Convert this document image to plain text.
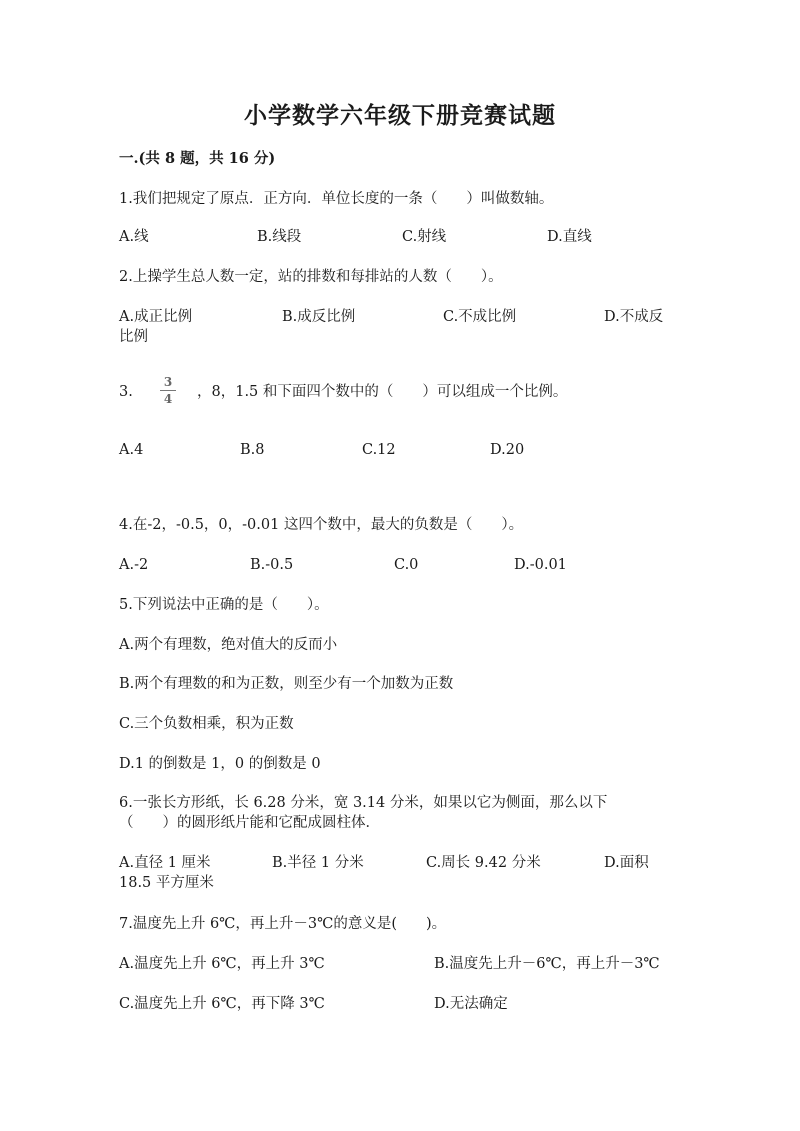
小学数学六年级下册竞赛试题
一.(共 8 题，共 16 分)
1.我们把规定了原点．正方向．单位长度的一条（　　）叫做数轴。
A.线	B.线段	C.射线	D.直线
2.上操学生总人数一定，站的排数和每排站的人数（　　）。
A.成正比例	B.成反比例	C.不成比例	D.不成反
比例
3.
3
4 ，8，1.5 和下面四个数中的（　　）可以组成一个比例。
A.4	B.8	C.12	D.20
4.在-2，-0.5，0，-0.01 这四个数中，最大的负数是（　　）。
A.-2	B.-0.5	C.0	D.-0.01
5.下列说法中正确的是（　　）。
A.两个有理数，绝对值大的反而小
B.两个有理数的和为正数，则至少有一个加数为正数
C.三个负数相乘，积为正数
D.1 的倒数是 1，0 的倒数是 0
6.一张长方形纸，长 6.28 分米，宽 3.14 分米，如果以它为侧面，那么以下
（　　）的圆形纸片能和它配成圆柱体．
A.直径 1 厘米	B.半径 1 分米	C.周长 9.42 分米	D.面积
18.5 平方厘米
7.温度先上升 6℃，再上升－3℃的意义是(　　)。
A.温度先上升 6℃，再上升 3℃	B.温度先上升－6℃，再上升－3℃
C.温度先上升 6℃，再下降 3℃	D.无法确定
